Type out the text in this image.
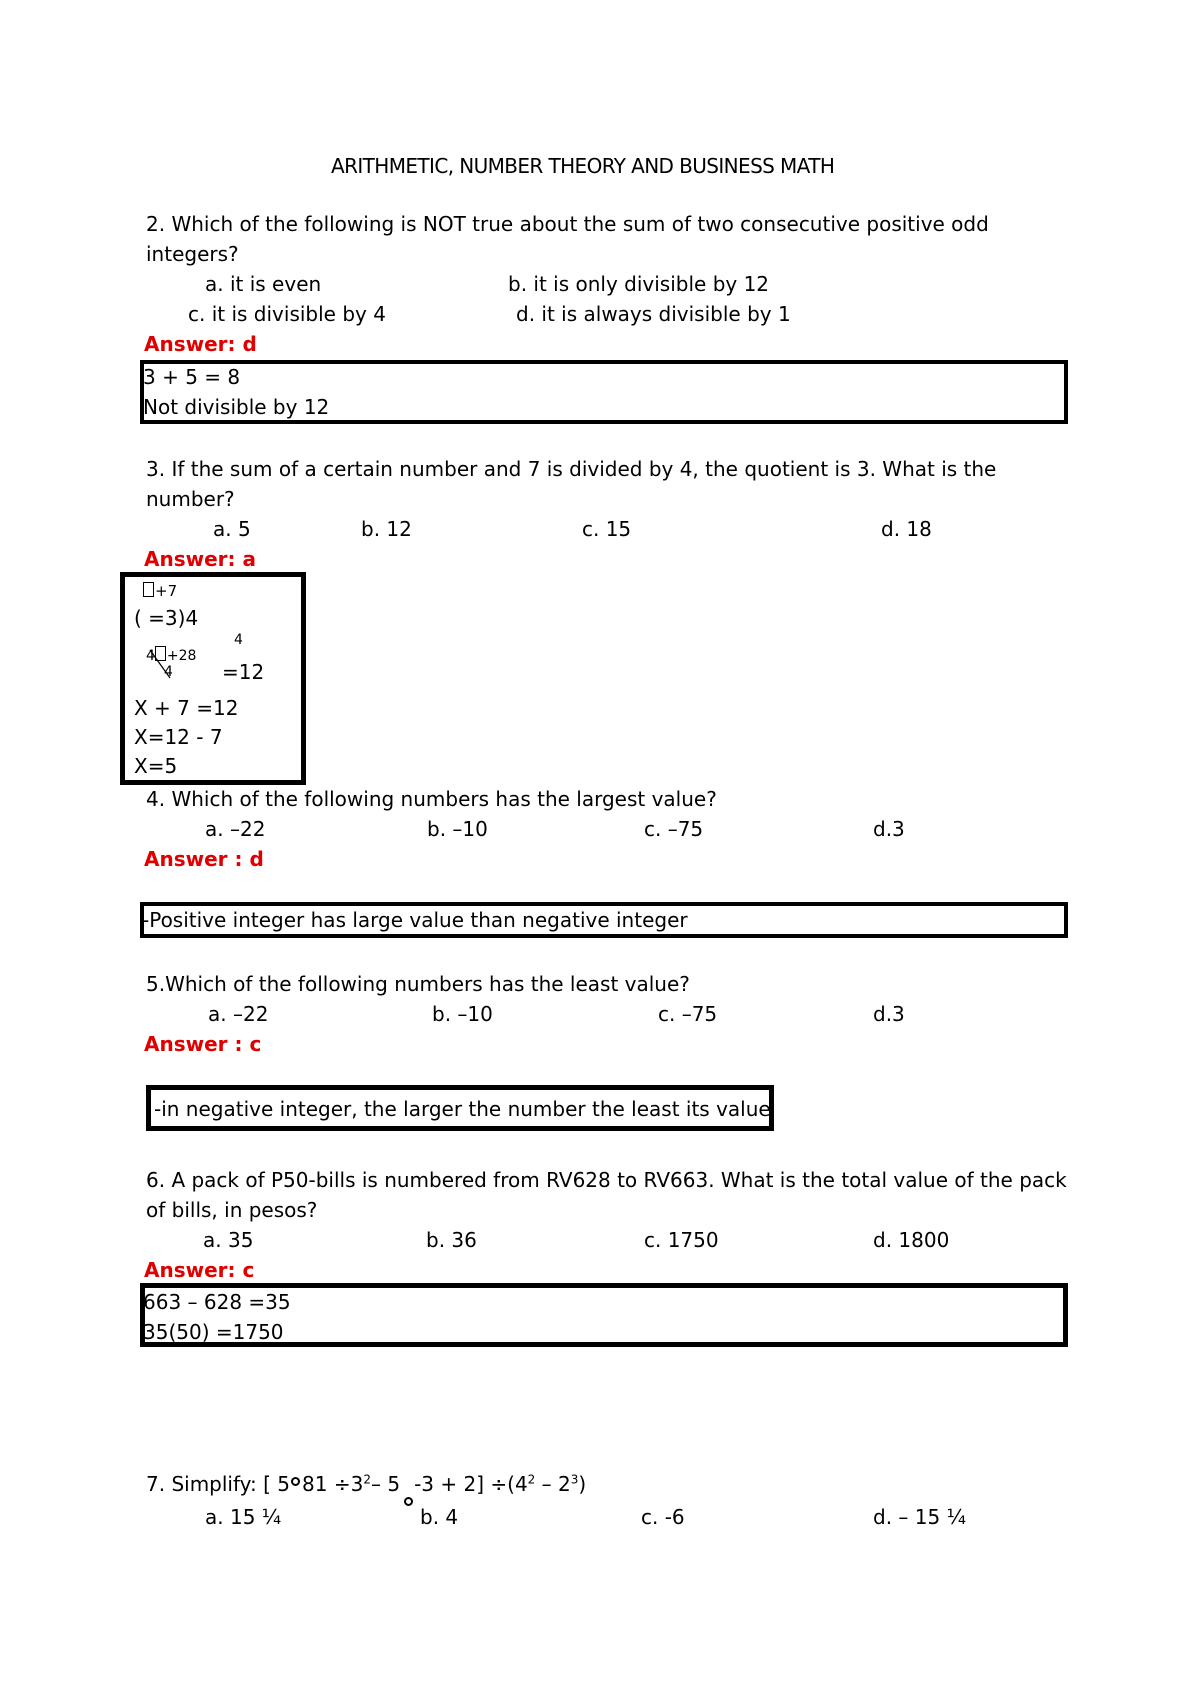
ARITHMETIC, NUMBER THEORY AND BUSINESS MATH
2. Which of the following is NOT true about the sum of two consecutive positive odd
integers?
a. it is even	b. it is only divisible by 12
c. it is divisible by 4	d. it is always divisible by 1
Answer: d
3 + 5 = 8
Not divisible by 12
3. If the sum of a certain number and 7 is divided by 4, the quotient is 3. What is the
number?
a. 5	b. 12	c. 15	d. 18
Answer: a
+7
( =3)4
4
4 +28
4 =12
X + 7 =12
X=12 - 7
X=5
4. Which of the following numbers has the largest value?
a. –22	b. –10	c. –75	d.3
Answer : d
-Positive integer has large value than negative integer
5.Which of the following numbers has the least value?
a. –22	b. –10	c. –75	d.3
Answer : c
-in negative integer, the larger the number the least its value
6. A pack of P50-bills is numbered from RV628 to RV663. What is the total value of the pack
of bills, in pesos?
a. 35	b. 36	c. 1750	d. 1800
Answer: c
663 – 628 =35
35(50) =1750
7. Simplify: [ 5 $81 \div 3^2-$ 5 $-3 + 2] \div(4^2 - 2^3)$
a. 15 ¼	b. 4	c. -6	d. – 15 ¼
